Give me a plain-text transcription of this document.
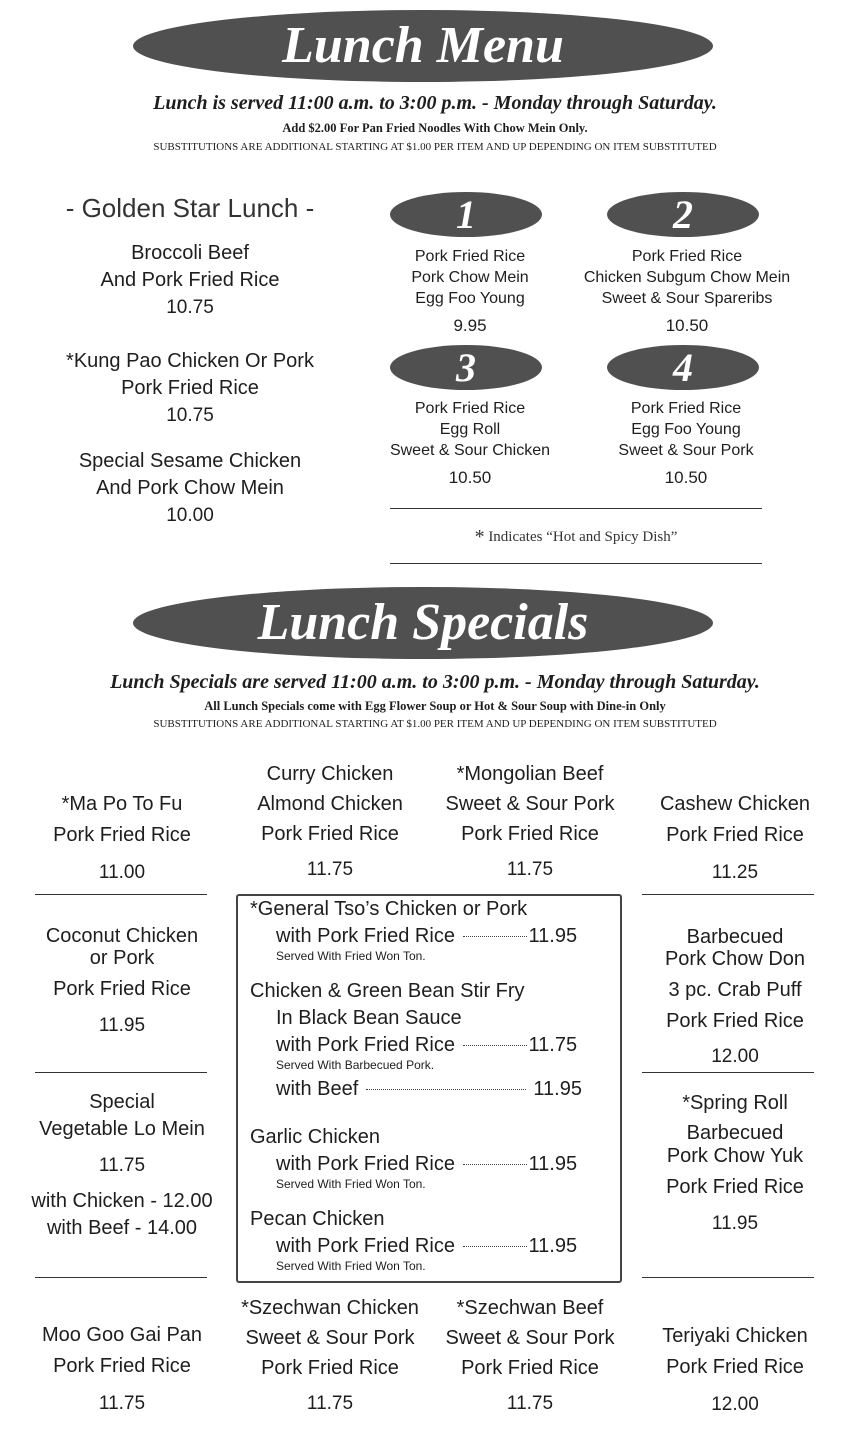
Lunch Menu
Lunch is served 11:00 a.m. to 3:00 p.m. - Monday through Saturday.
Add $2.00 For Pan Fried Noodles With Chow Mein Only.
SUBSTITUTIONS ARE ADDITIONAL STARTING AT $1.00 PER ITEM AND UP DEPENDING ON ITEM SUBSTITUTED
- Golden Star Lunch -
Broccoli Beef
And Pork Fried Rice
10.75
*Kung Pao Chicken Or Pork
Pork Fried Rice
10.75
Special Sesame Chicken
And Pork Chow Mein
10.00
1	2
3	4
Pork Fried Rice
Pork Chow Mein
Egg Foo Young
9.95
Pork Fried Rice
Chicken Subgum Chow Mein
Sweet & Sour Spareribs
10.50
Pork Fried Rice
Egg Roll
Sweet & Sour Chicken
10.50
Pork Fried Rice
Egg Foo Young
Sweet & Sour Pork
10.50
* Indicates “Hot and Spicy Dish”
Lunch Specials
Lunch Specials are served 11:00 a.m. to 3:00 p.m. - Monday through Saturday.
All Lunch Specials come with Egg Flower Soup or Hot & Sour Soup with Dine-in Only
SUBSTITUTIONS ARE ADDITIONAL STARTING AT $1.00 PER ITEM AND UP DEPENDING ON ITEM SUBSTITUTED
*Ma Po To Fu
Pork Fried Rice
11.00
Curry Chicken
Almond Chicken
Pork Fried Rice
11.75
*Mongolian Beef
Sweet & Sour Pork
Pork Fried Rice
11.75
Cashew Chicken
Pork Fried Rice
11.25
Coconut Chicken
or Pork
Pork Fried Rice
11.95
Special
Vegetable Lo Mein
11.75
with Chicken - 12.00
with Beef - 14.00
Barbecued
Pork Chow Don
3 pc. Crab Puff
Pork Fried Rice
12.00
*Spring Roll
Barbecued
Pork Chow Yuk
Pork Fried Rice
11.95
*General Tso’s Chicken or Pork
with Pork Fried Rice	11.95
Served With Fried Won Ton.
Chicken & Green Bean Stir Fry
In Black Bean Sauce
with Pork Fried Rice	11.75
Served With Barbecued Pork.
with Beef	11.95
Garlic Chicken
with Pork Fried Rice	11.95
Served With Fried Won Ton.
Pecan Chicken
with Pork Fried Rice	11.95
Served With Fried Won Ton.
Moo Goo Gai Pan
Pork Fried Rice
11.75
*Szechwan Chicken
Sweet & Sour Pork
Pork Fried Rice
11.75
*Szechwan Beef
Sweet & Sour Pork
Pork Fried Rice
11.75
Teriyaki Chicken
Pork Fried Rice
12.00
